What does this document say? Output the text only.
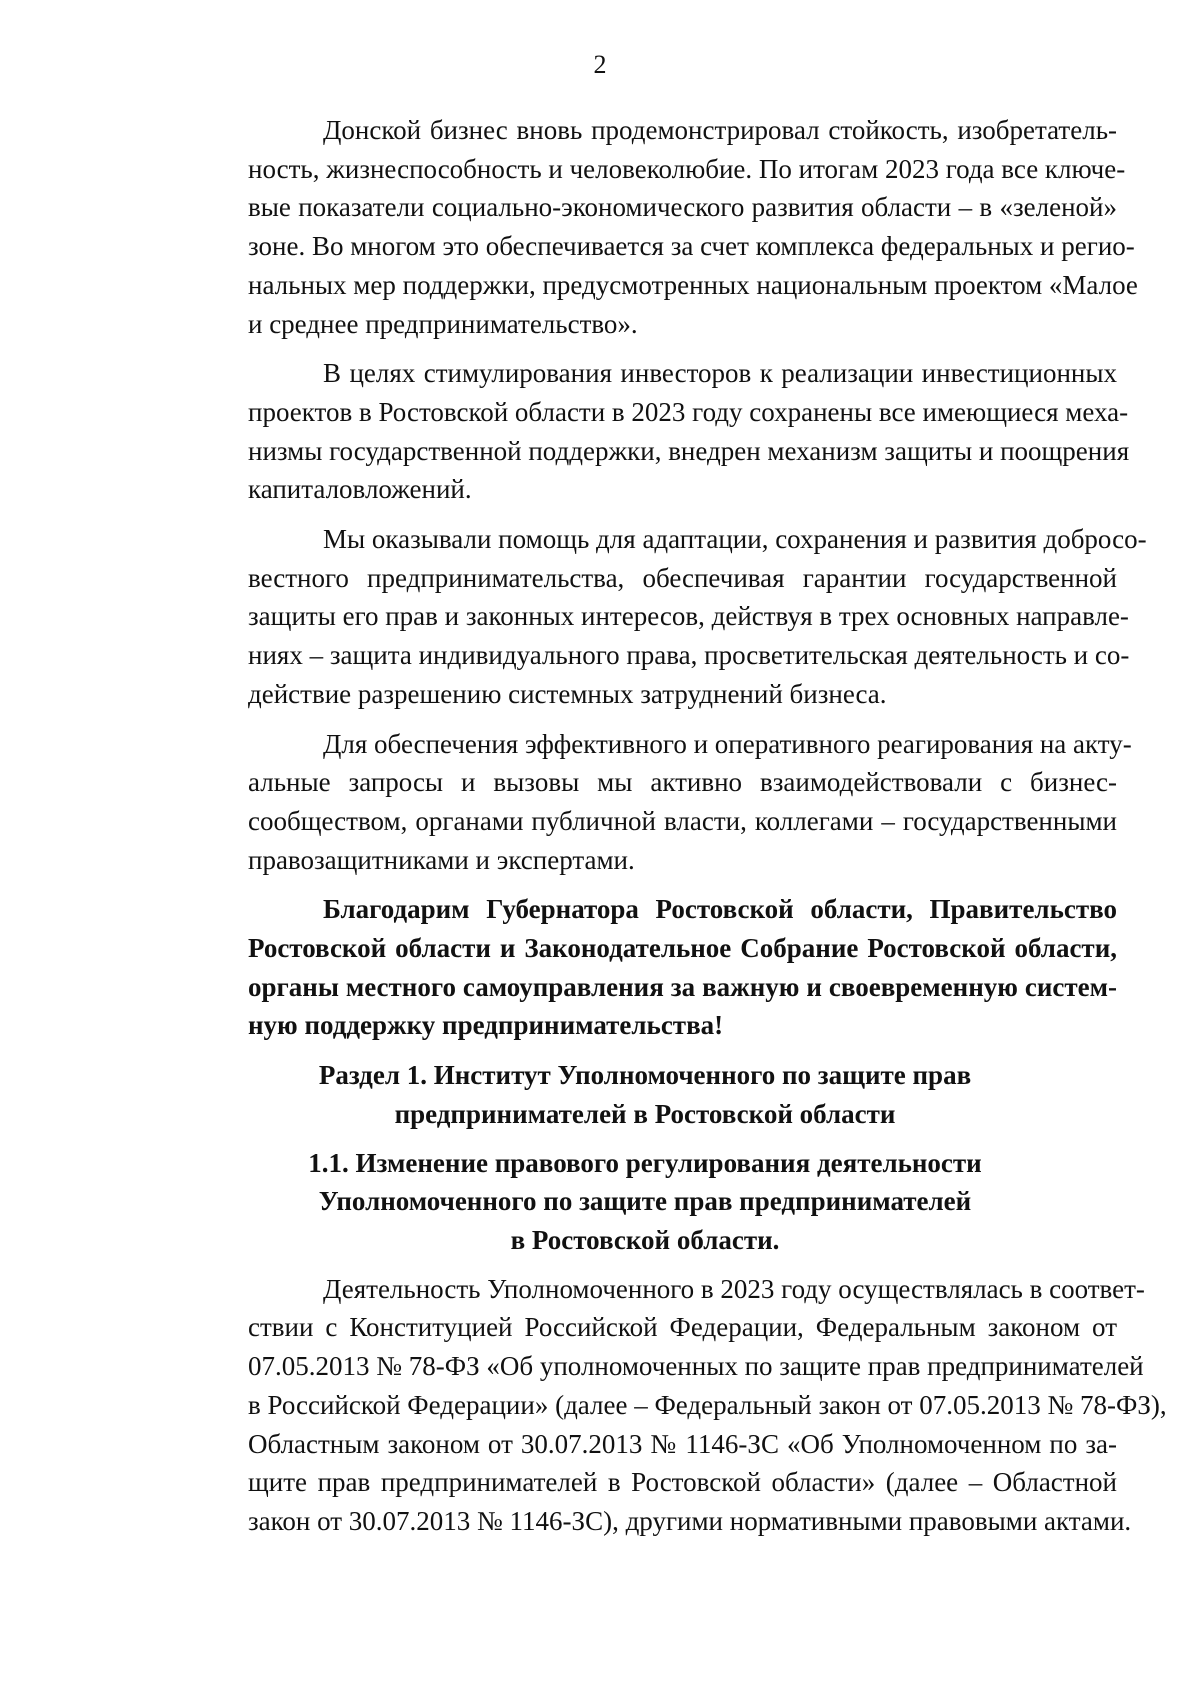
2

Донской бизнес вновь продемонстрировал стойкость, изобретатель-
ность, жизнеспособность и человеколюбие. По итогам 2023 года все ключе-
вые показатели социально-экономического развития области – в «зеленой»
зоне. Во многом это обеспечивается за счет комплекса федеральных и регио-
нальных мер поддержки, предусмотренных национальным проектом «Малое
и среднее предпринимательство».

В целях стимулирования инвесторов к реализации инвестиционных
проектов в Ростовской области в 2023 году сохранены все имеющиеся меха-
низмы государственной поддержки, внедрен механизм защиты и поощрения
капиталовложений.

Мы оказывали помощь для адаптации, сохранения и развития добросо-
вестного предпринимательства, обеспечивая гарантии государственной
защиты его прав и законных интересов, действуя в трех основных направле-
ниях – защита индивидуального права, просветительская деятельность и со-
действие разрешению системных затруднений бизнеса.

Для обеспечения эффективного и оперативного реагирования на акту-
альные запросы и вызовы мы активно взаимодействовали с бизнес-
сообществом, органами публичной власти, коллегами – государственными
правозащитниками и экспертами.

Благодарим Губернатора Ростовской области, Правительство
Ростовской области и Законодательное Собрание Ростовской области,
органы местного самоуправления за важную и своевременную систем-
ную поддержку предпринимательства!

Раздел 1. Институт Уполномоченного по защите прав
предпринимателей в Ростовской области
1.1. Изменение правового регулирования деятельности
Уполномоченного по защите прав предпринимателей
в Ростовской области.

Деятельность Уполномоченного в 2023 году осуществлялась в соответ-
ствии с Конституцией Российской Федерации, Федеральным законом от
07.05.2013 № 78-ФЗ «Об уполномоченных по защите прав предпринимателей
в Российской Федерации» (далее – Федеральный закон от 07.05.2013 № 78-ФЗ),
Областным законом от 30.07.2013 № 1146-ЗС «Об Уполномоченном по за-
щите прав предпринимателей в Ростовской области» (далее – Областной
закон от 30.07.2013 № 1146-ЗС), другими нормативными правовыми актами.
